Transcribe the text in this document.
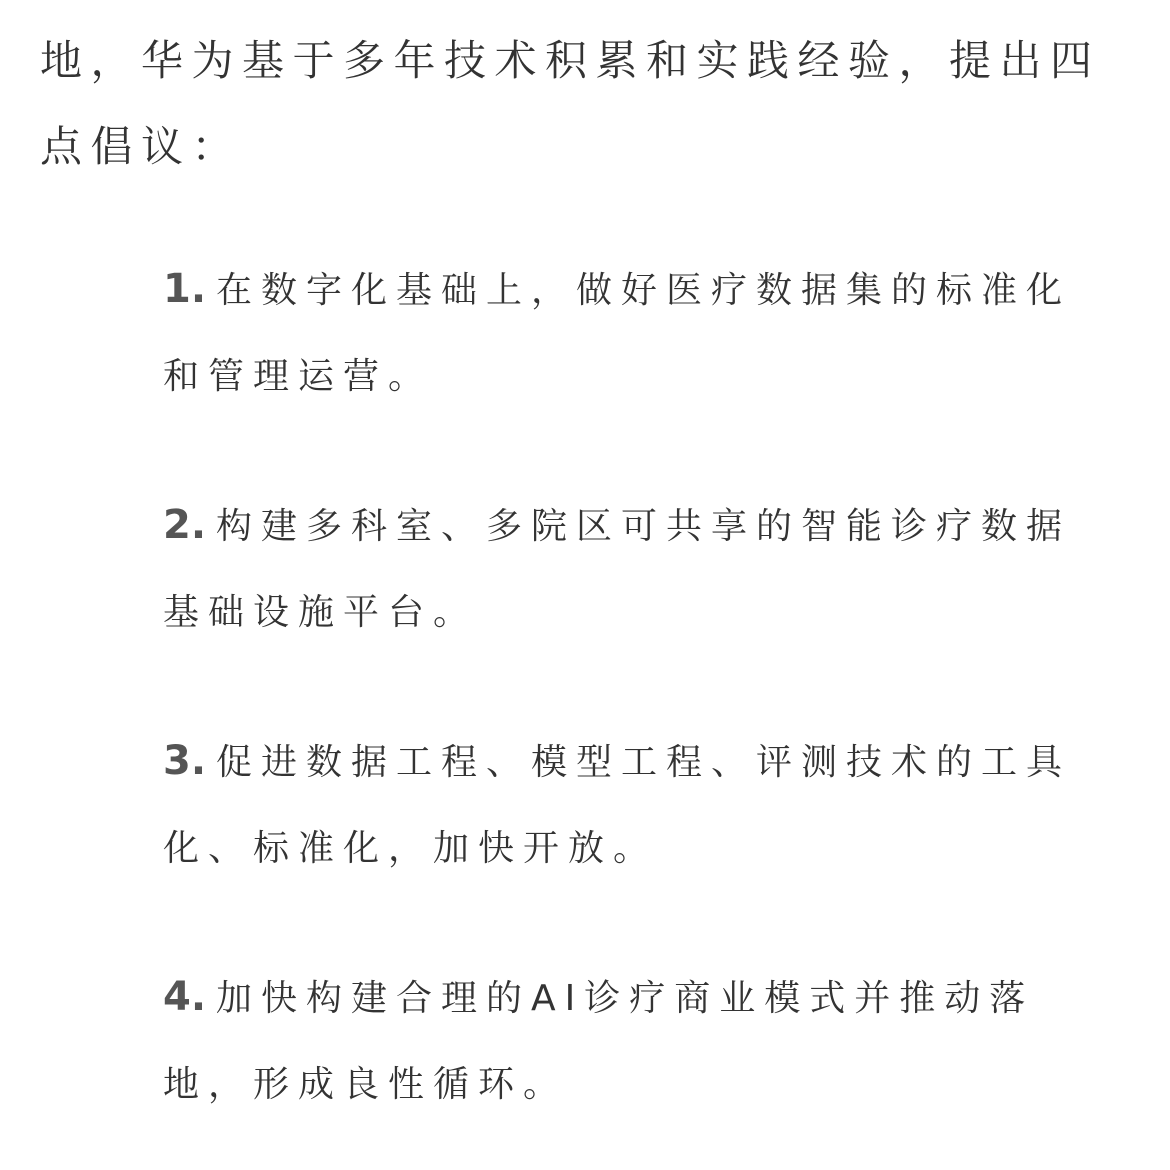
地，华为基于多年技术积累和实践经验，提出四点倡议：

1. 在数字化基础上，做好医疗数据集的标准化和管理运营。

2. 构建多科室、多院区可共享的智能诊疗数据基础设施平台。

3. 促进数据工程、模型工程、评测技术的工具化、标准化，加快开放。

4. 加快构建合理的AI诊疗商业模式并推动落地，形成良性循环。
